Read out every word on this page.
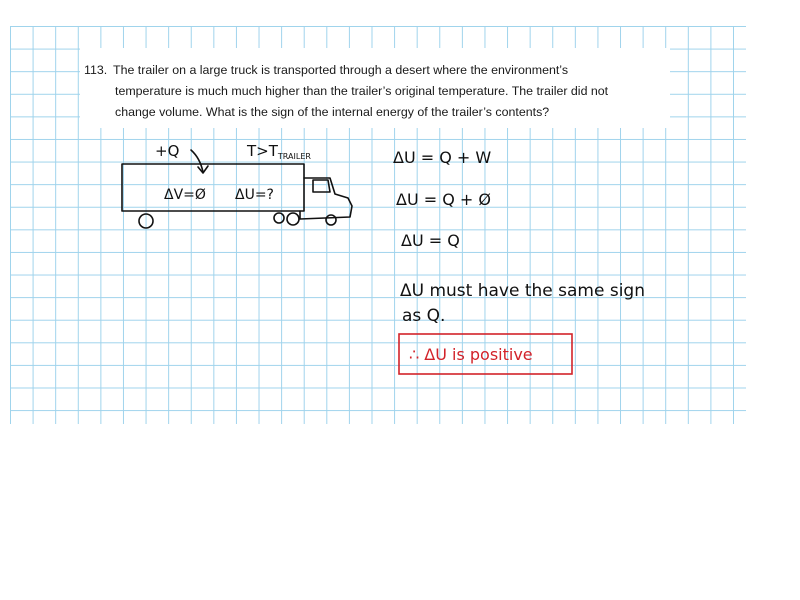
113. The trailer on a large truck is transported through a desert where the environment’s
temperature is much much higher than the trailer’s original temperature. The trailer did not
change volume. What is the sign of the internal energy of the trailer’s contents?
+Q	$T>T_{TRAILER}$
ΔV=Ø ΔU=?
ΔU = Q + W
ΔU = Q + Ø
ΔU = Q
ΔU must have the same sign
as Q.
∴ ΔU is positive
